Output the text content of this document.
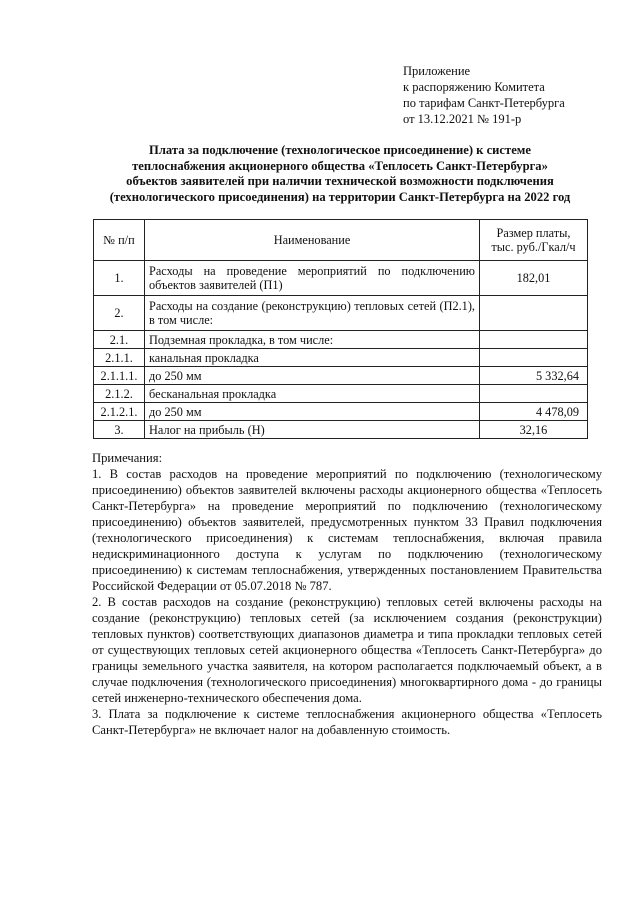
Приложение
к распоряжению Комитета
по тарифам Санкт-Петербурга
от 13.12.2021 № 191-р
Плата за подключение (технологическое присоединение) к системе
теплоснабжения акционерного общества «Теплосеть Санкт-Петербурга»
объектов заявителей при наличии технической возможности подключения
(технологического присоединения) на территории Санкт-Петербурга на 2022 год
№ п/п	Наименование	Размер платы,
тыс. руб./Гкал/ч
1.	Расходы на проведение мероприятий по подключению объектов заявителей (П1)	182,01
2.	Расходы на создание (реконструкцию) тепловых сетей (П2.1), в том числе:	
2.1.	Подземная прокладка, в том числе:	
2.1.1.	канальная прокладка	
2.1.1.1.	до 250 мм	5 332,64
2.1.2.	бесканальная прокладка	
2.1.2.1.	до 250 мм	4 478,09
3.	Налог на прибыль (Н)	32,16

Примечания:

1. В состав расходов на проведение мероприятий по подключению (технологическому присоединению) объектов заявителей включены расходы акционерного общества «Теплосеть Санкт-Петербурга» на проведение мероприятий по подключению (технологическому присоединению) объектов заявителей, предусмотренных пунктом 33 Правил подключения (технологического присоединения) к системам теплоснабжения, включая правила недискриминационного доступа к услугам по подключению (технологическому присоединению) к системам теплоснабжения, утвержденных постановлением Правительства Российской Федерации от 05.07.2018 № 787.

2. В состав расходов на создание (реконструкцию) тепловых сетей включены расходы на создание (реконструкцию) тепловых сетей (за исключением создания (реконструкции) тепловых пунктов) соответствующих диапазонов диаметра и типа прокладки тепловых сетей от существующих тепловых сетей акционерного общества «Теплосеть Санкт-Петербурга» до границы земельного участка заявителя, на котором располагается подключаемый объект, а в случае подключения (технологического присоединения) многоквартирного дома - до границы сетей инженерно-технического обеспечения дома.

3. Плата за подключение к системе теплоснабжения акционерного общества «Теплосеть Санкт-Петербурга» не включает налог на добавленную стоимость.
